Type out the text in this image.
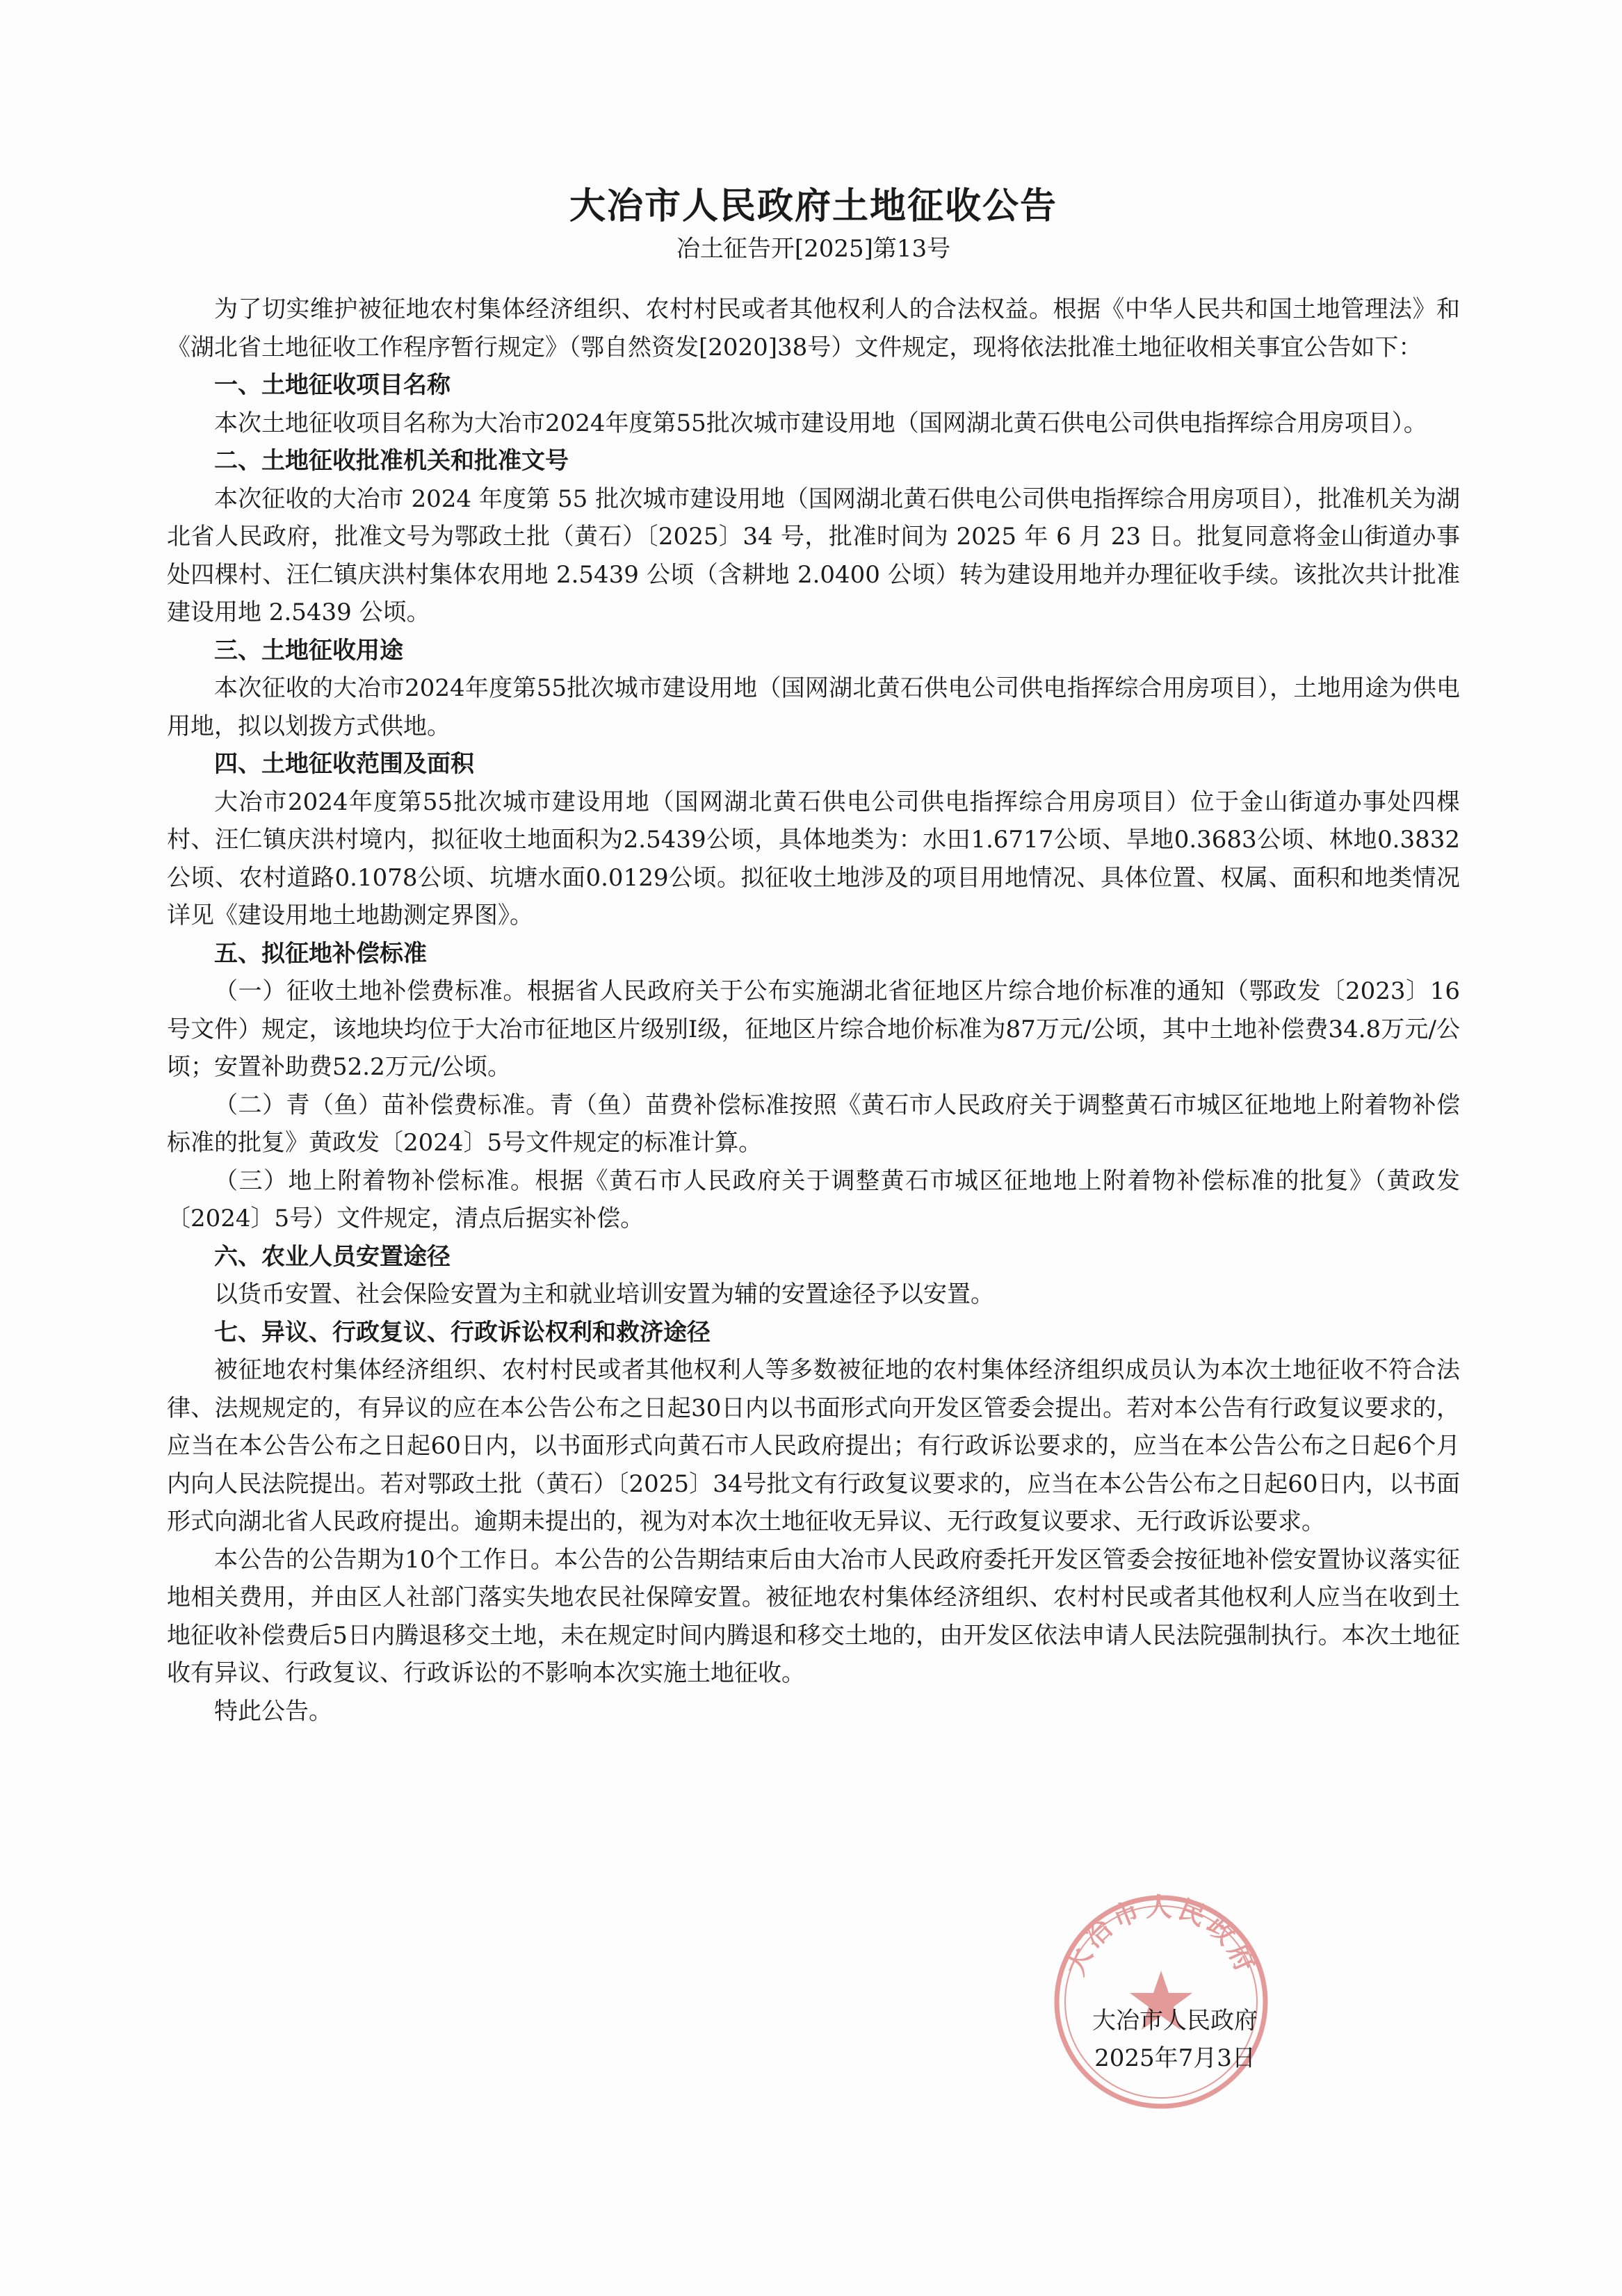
大冶市人民政府土地征收公告
冶土征告开[2025]第13号

为了切实维护被征地农村集体经济组织、农村村民或者其他权利人的合法权益。根据《中华人民共和国土地管理法》和《湖北省土地征收工作程序暂行规定》（鄂自然资发[2020]38号）文件规定，现将依法批准土地征收相关事宜公告如下：

一、土地征收项目名称

本次土地征收项目名称为大冶市2024年度第55批次城市建设用地（国网湖北黄石供电公司供电指挥综合用房项目）。

二、土地征收批准机关和批准文号

本次征收的大冶市 2024 年度第 55 批次城市建设用地（国网湖北黄石供电公司供电指挥综合用房项目），批准机关为湖北省人民政府，批准文号为鄂政土批（黄石）〔2025〕34 号，批准时间为 2025 年 6 月 23 日。批复同意将金山街道办事处四棵村、汪仁镇庆洪村集体农用地 2.5439 公顷（含耕地 2.0400 公顷）转为建设用地并办理征收手续。该批次共计批准建设用地 2.5439 公顷。

三、土地征收用途

本次征收的大冶市2024年度第55批次城市建设用地（国网湖北黄石供电公司供电指挥综合用房项目），土地用途为供电用地，拟以划拨方式供地。

四、土地征收范围及面积

大冶市2024年度第55批次城市建设用地（国网湖北黄石供电公司供电指挥综合用房项目）位于金山街道办事处四棵村、汪仁镇庆洪村境内，拟征收土地面积为2.5439公顷，具体地类为：水田1.6717公顷、旱地0.3683公顷、林地0.3832公顷、农村道路0.1078公顷、坑塘水面0.0129公顷。拟征收土地涉及的项目用地情况、具体位置、权属、面积和地类情况详见《建设用地土地勘测定界图》。

五、拟征地补偿标准

（一）征收土地补偿费标准。根据省人民政府关于公布实施湖北省征地区片综合地价标准的通知（鄂政发〔2023〕16号文件）规定，该地块均位于大冶市征地区片级别Ⅰ级，征地区片综合地价标准为87万元/公顷，其中土地补偿费34.8万元/公顷；安置补助费52.2万元/公顷。

（二）青（鱼）苗补偿费标准。青（鱼）苗费补偿标准按照《黄石市人民政府关于调整黄石市城区征地地上附着物补偿标准的批复》黄政发〔2024〕5号文件规定的标准计算。

（三）地上附着物补偿标准。根据《黄石市人民政府关于调整黄石市城区征地地上附着物补偿标准的批复》（黄政发〔2024〕5号）文件规定，清点后据实补偿。

六、农业人员安置途径

以货币安置、社会保险安置为主和就业培训安置为辅的安置途径予以安置。

七、异议、行政复议、行政诉讼权利和救济途径

被征地农村集体经济组织、农村村民或者其他权利人等多数被征地的农村集体经济组织成员认为本次土地征收不符合法律、法规规定的，有异议的应在本公告公布之日起30日内以书面形式向开发区管委会提出。若对本公告有行政复议要求的，应当在本公告公布之日起60日内，以书面形式向黄石市人民政府提出；有行政诉讼要求的，应当在本公告公布之日起6个月内向人民法院提出。若对鄂政土批（黄石）〔2025〕34号批文有行政复议要求的，应当在本公告公布之日起60日内，以书面形式向湖北省人民政府提出。逾期未提出的，视为对本次土地征收无异议、无行政复议要求、无行政诉讼要求。

本公告的公告期为10个工作日。本公告的公告期结束后由大冶市人民政府委托开发区管委会按征地补偿安置协议落实征地相关费用，并由区人社部门落实失地农民社保障安置。被征地农村集体经济组织、农村村民或者其他权利人应当在收到土地征收补偿费后5日内腾退移交土地，未在规定时间内腾退和移交土地的，由开发区依法申请人民法院强制执行。本次土地征收有异议、行政复议、行政诉讼的不影响本次实施土地征收。

特此公告。

大冶市人民政府
大冶市人民政府
2025年7月3日
